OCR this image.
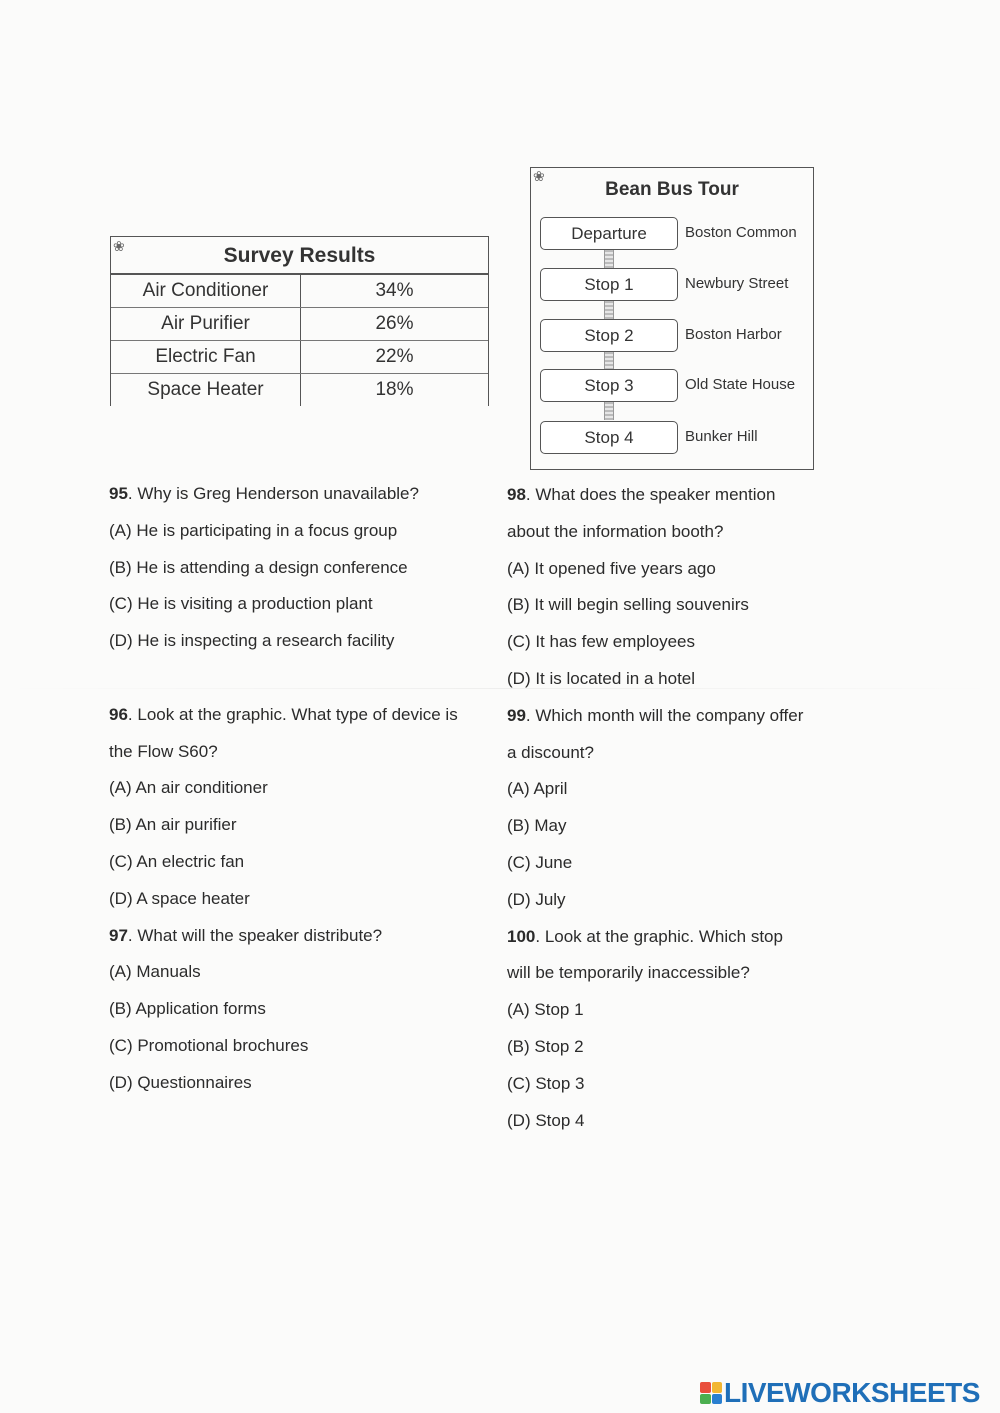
❀	Survey Results
Air Conditioner	34%
Air Purifier	26%
Electric Fan	22%
Space Heater	18%
❀
Bean Bus Tour
Departure	Boston Common
Stop 1	Newbury Street
Stop 2	Boston Harbor
Stop 3	Old State House
Stop 4	Bunker Hill
95. Why is Greg Henderson unavailable?
(A) He is participating in a focus group
(B) He is attending a design conference
(C) He is visiting a production plant
(D) He is inspecting a research facility
96. Look at the graphic. What type of device is
the Flow S60?
(A) An air conditioner
(B) An air purifier
(C) An electric fan
(D) A space heater
97. What will the speaker distribute?
(A) Manuals
(B) Application forms
(C) Promotional brochures
(D) Questionnaires
98. What does the speaker mention
about the information booth?
(A) It opened five years ago
(B) It will begin selling souvenirs
(C) It has few employees
(D) It is located in a hotel
99. Which month will the company offer
a discount?
(A) April
(B) May
(C) June
(D) July
100. Look at the graphic. Which stop
will be temporarily inaccessible?
(A) Stop 1
(B) Stop 2
(C) Stop 3
(D) Stop 4
LIVEWORKSHEETS
